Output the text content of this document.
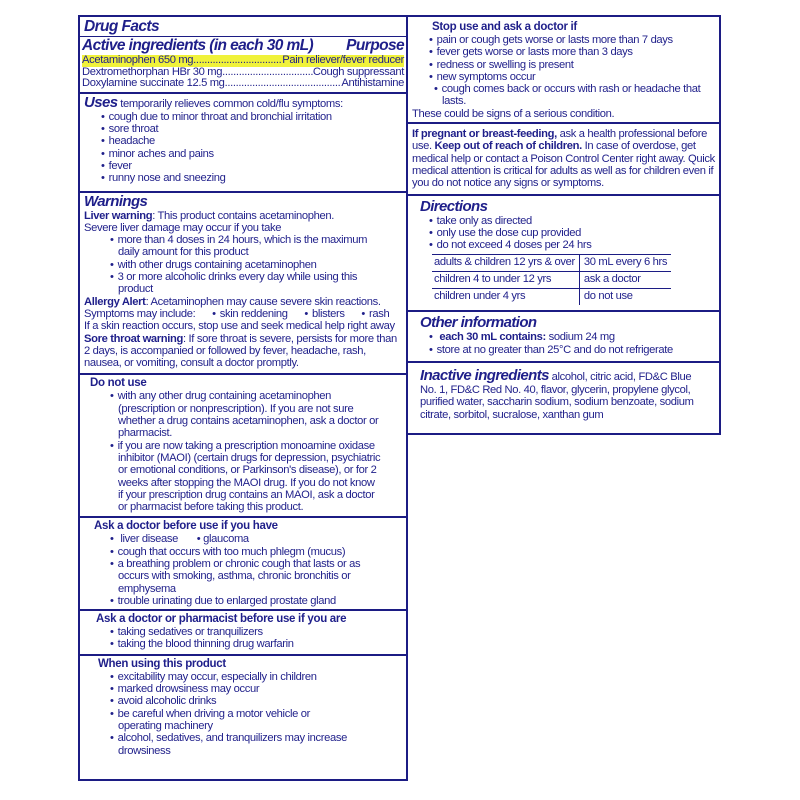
Drug Facts
Active ingredients (in each 30 mL) Purpose
Acetaminophen 650 mg .....	Pain reliever/fever reducer
Dextromethorphan HBr 30 mg .....	Cough suppressant
Doxylamine succinate 12.5 mg .....	Antihistamine
Uses temporarily relieves common cold/flu symptoms:
• cough due to minor throat and bronchial irritation
• sore throat
• headache
• minor aches and pains
• fever
• runny nose and sneezing
Warnings
Liver warning: This product contains acetaminophen.
Severe liver damage may occur if you take
• more than 4 doses in 24 hours, which is the maximum daily amount for this product
• with other drugs containing acetaminophen
• 3 or more alcoholic drinks every day while using this product
Allergy Alert: Acetaminophen may cause severe skin reactions.
Symptoms may include: • skin reddening • blisters • rash
If a skin reaction occurs, stop use and seek medical help right away
Sore throat warning: If sore throat is severe, persists for more than 2 days, is accompanied or followed by fever, headache, rash, nausea, or vomiting, consult a doctor promptly.
Do not use
• with any other drug containing acetaminophen (prescription or nonprescription). If you are not sure whether a drug contains acetaminophen, ask a doctor or pharmacist.
• if you are now taking a prescription monoamine oxidase inhibitor (MAOI) (certain drugs for depression, psychiatric or emotional conditions, or Parkinson's disease), or for 2 weeks after stopping the MAOI drug. If you do not know if your prescription drug contains an MAOI, ask a doctor or pharmacist before taking this product.
Ask a doctor before use if you have
• liver disease • glaucoma
• cough that occurs with too much phlegm (mucus)
• a breathing problem or chronic cough that lasts or as occurs with smoking, asthma, chronic bronchitis or emphysema
• trouble urinating due to enlarged prostate gland
Ask a doctor or pharmacist before use if you are
• taking sedatives or tranquilizers
• taking the blood thinning drug warfarin
When using this product
• excitability may occur, especially in children
• marked drowsiness may occur
• avoid alcoholic drinks
• be careful when driving a motor vehicle or operating machinery
• alcohol, sedatives, and tranquilizers may increase drowsiness
Stop use and ask a doctor if
• pain or cough gets worse or lasts more than 7 days
• fever gets worse or lasts more than 3 days
• redness or swelling is present
• new symptoms occur
• cough comes back or occurs with rash or headache that lasts.
These could be signs of a serious condition.
If pregnant or breast-feeding, ask a health professional before use. Keep out of reach of children. In case of overdose, get medical help or contact a Poison Control Center right away. Quick medical attention is critical for adults as well as for children even if you do not notice any signs or symptoms.
Directions
• take only as directed
• only use the dose cup provided
• do not exceed 4 doses per 24 hrs
adults & children 12 yrs & over	30 mL every 6 hrs
children 4 to under 12 yrs	ask a doctor
children under 4 yrs	do not use
Other information
• each 30 mL contains: sodium 24 mg
• store at no greater than 25°C and do not refrigerate
Inactive ingredients alcohol, citric acid, FD&C Blue No. 1, FD&C Red No. 40, flavor, glycerin, propylene glycol, purified water, saccharin sodium, sodium benzoate, sodium citrate, sorbitol, sucralose, xanthan gum
